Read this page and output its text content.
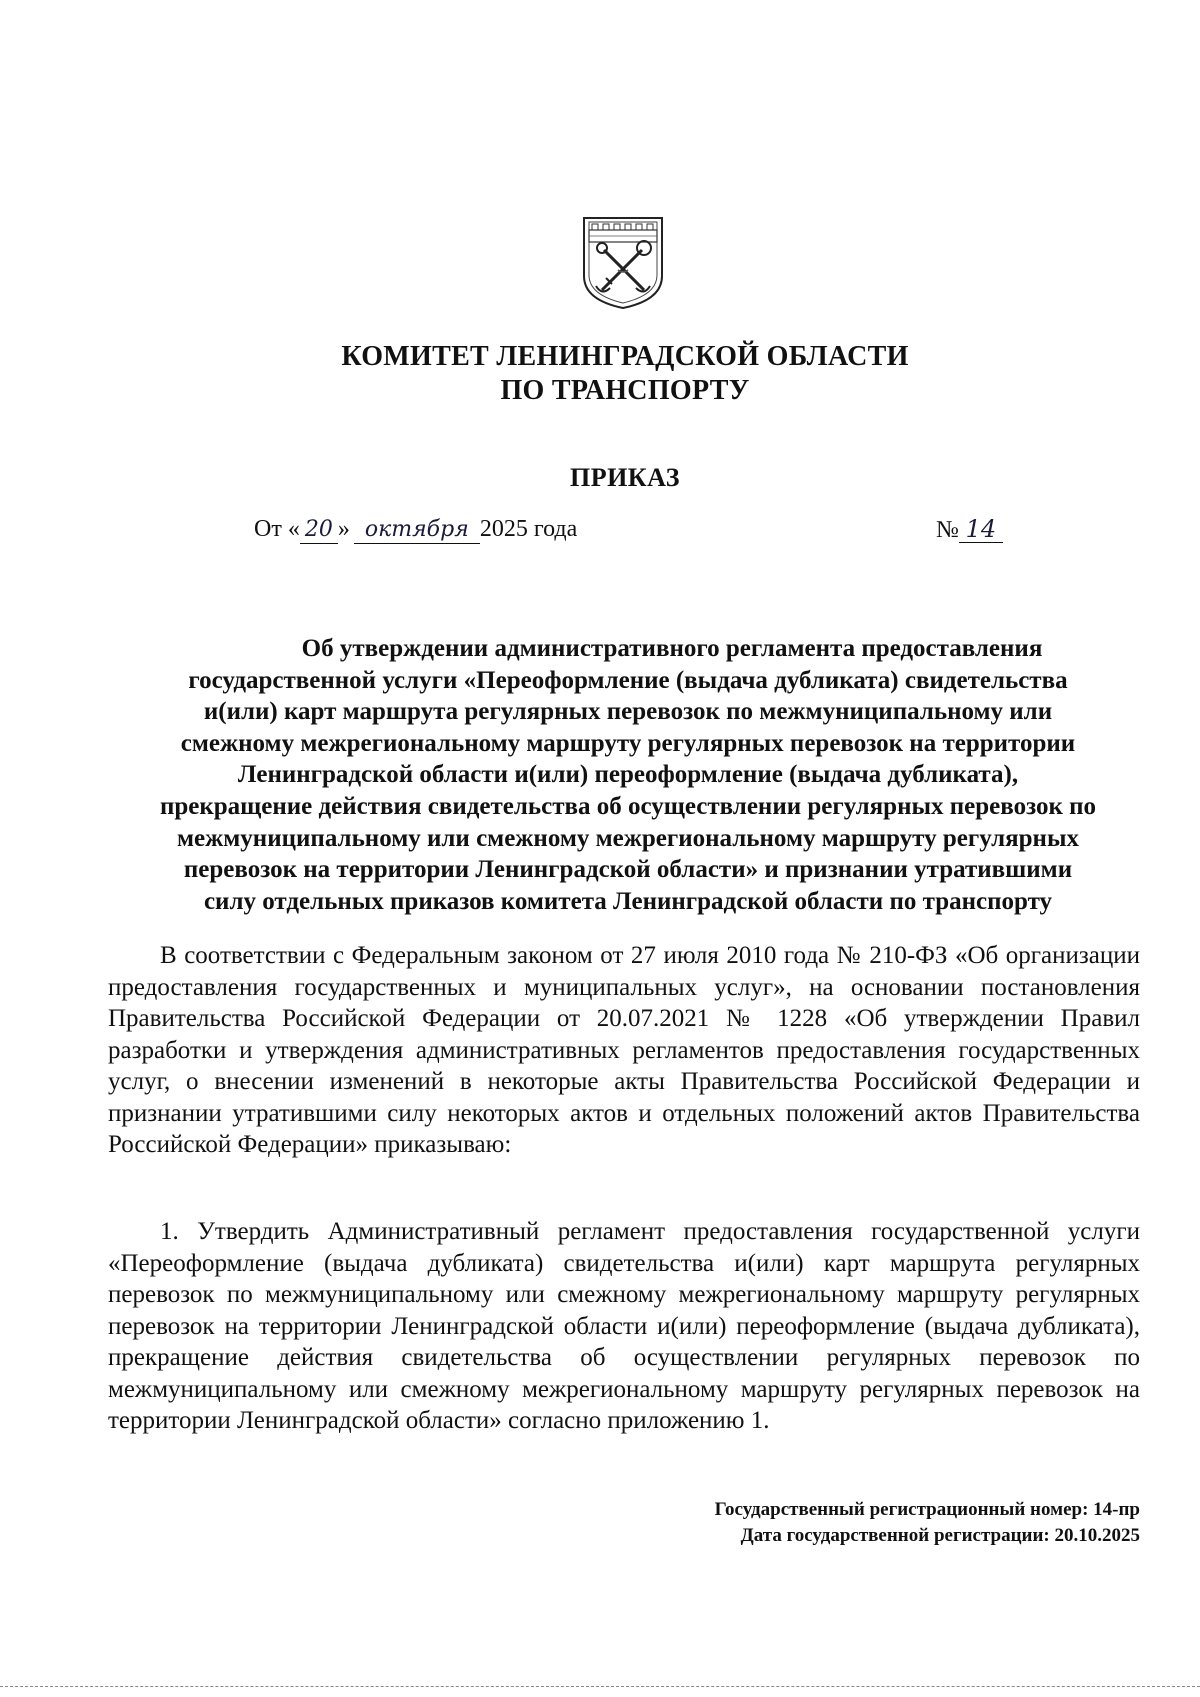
КОМИТЕТ ЛЕНИНГРАДСКОЙ ОБЛАСТИ
ПО ТРАНСПОРТУ
ПРИКАЗ
От « 20 » октября 2025 года	№ 14

Об утверждении административного регламента предоставления

государственной услуги «Переоформление (выдача дубликата) свидетельства

и(или) карт маршрута регулярных перевозок по межмуниципальному или

смежному межрегиональному маршруту регулярных перевозок на территории

Ленинградской области и(или) переоформление (выдача дубликата),

прекращение действия свидетельства об осуществлении регулярных перевозок по

межмуниципальному или смежному межрегиональному маршруту регулярных

перевозок на территории Ленинградской области» и признании утратившими

силу отдельных приказов комитета Ленинградской области по транспорту

В соответствии с Федеральным законом от 27 июля 2010 года № 210-ФЗ «Об организации предоставления государственных и муниципальных услуг», на основании постановления Правительства Российской Федерации от 20.07.2021 № 1228 «Об утверждении Правил разработки и утверждения административных регламентов предоставления государственных услуг, о внесении изменений в некоторые акты Правительства Российской Федерации и признании утратившими силу некоторых актов и отдельных положений актов Правительства Российской Федерации» приказываю:

1. Утвердить Административный регламент предоставления государственной услуги «Переоформление (выдача дубликата) свидетельства и(или) карт маршрута регулярных перевозок по межмуниципальному или смежному межрегиональному маршруту регулярных перевозок на территории Ленинградской области и(или) переоформление (выдача дубликата), прекращение действия свидетельства об осуществлении регулярных перевозок по межмуниципальному или смежному межрегиональному маршруту регулярных перевозок на территории Ленинградской области» согласно приложению 1.

Государственный регистрационный номер: 14-пр
Дата государственной регистрации: 20.10.2025
